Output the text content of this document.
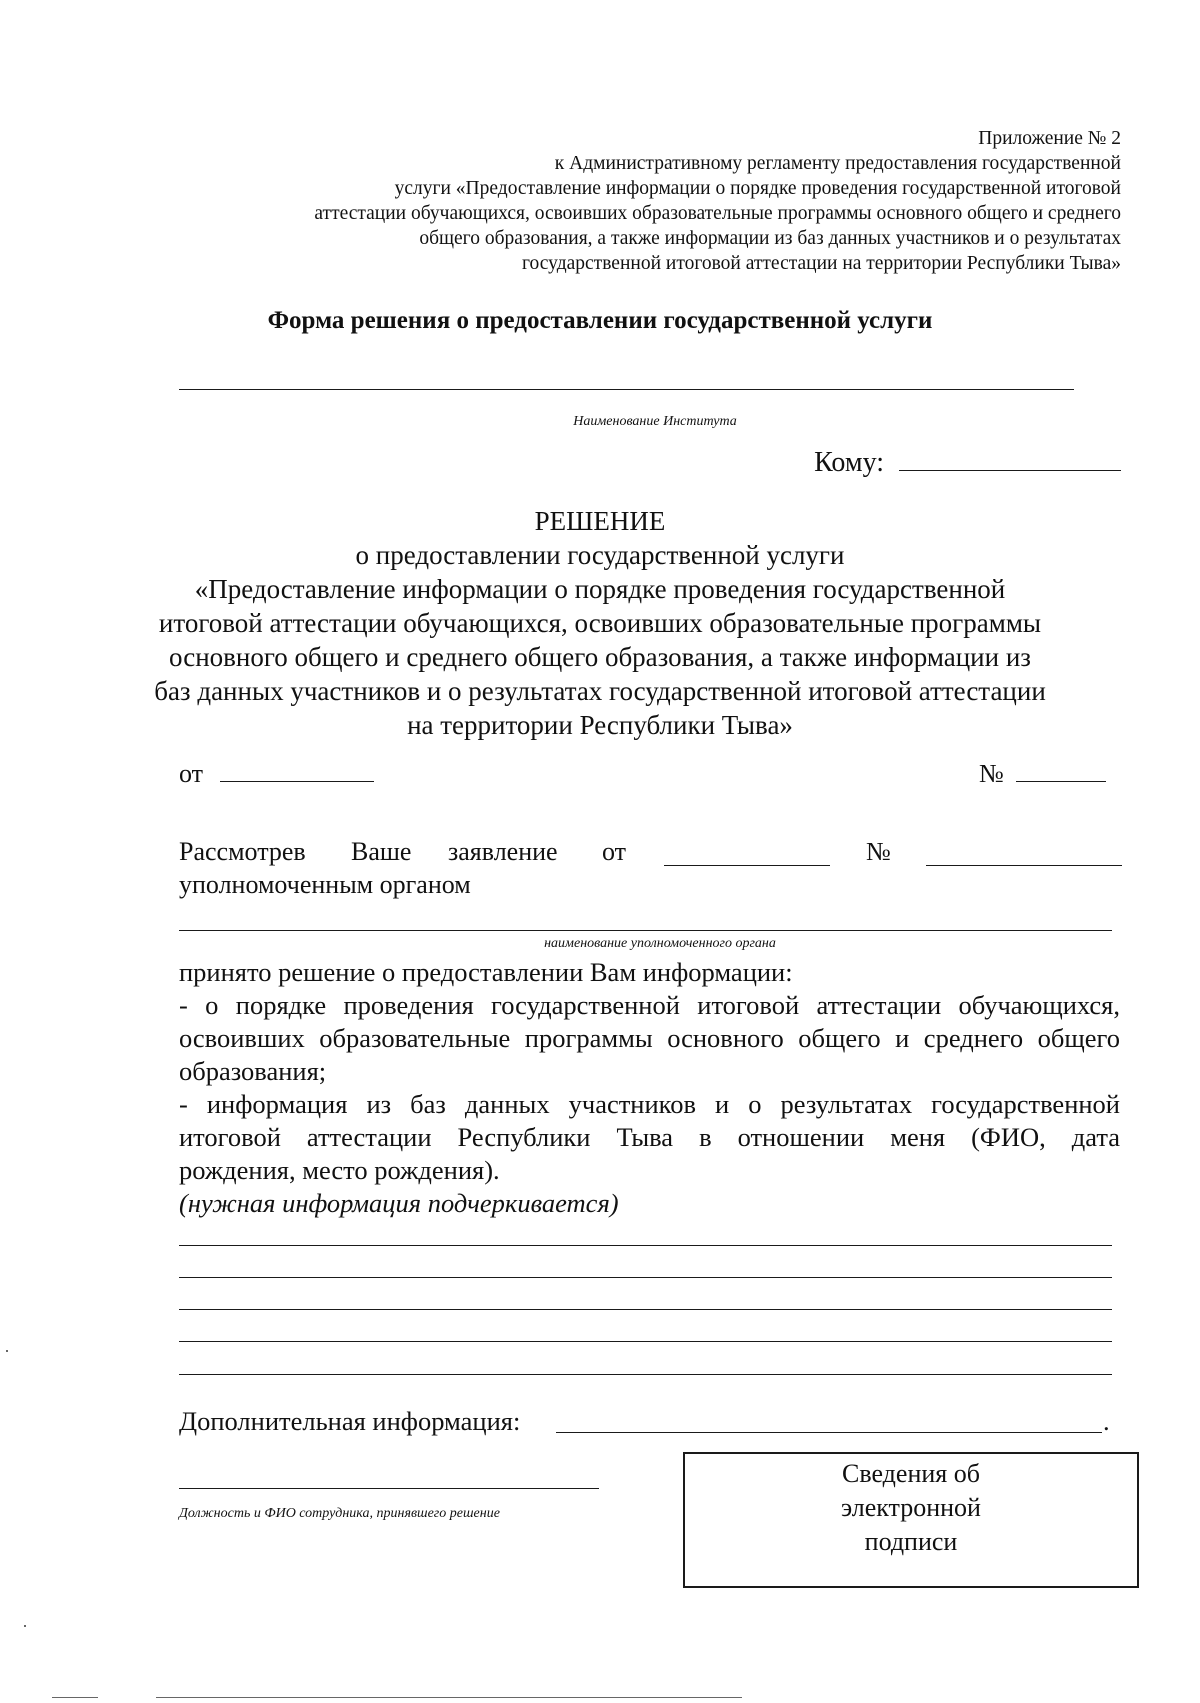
Приложение № 2
к Административному регламенту предоставления государственной
услуги «Предоставление информации о порядке проведения государственной итоговой
аттестации обучающихся, освоивших образовательные программы основного общего и среднего
общего образования, а также информации из баз данных участников и о результатах
государственной итоговой аттестации на территории Республики Тыва»
Форма решения о предоставлении государственной услуги
Наименование Института
Кому:
РЕШЕНИЕ
о предоставлении государственной услуги
«Предоставление информации о порядке проведения государственной
итоговой аттестации обучающихся, освоивших образовательные программы
основного общего и среднего общего образования, а также информации из
баз данных участников и о результатах государственной итоговой аттестации
на территории Республики Тыва»
от	№
Рассмотрев Ваше заявление от	№
уполномоченным органом
наименование уполномоченного органа
принято решение о предоставлении Вам информации:
- о порядке проведения государственной итоговой аттестации обучающихся,
освоивших образовательные программы основного общего и среднего общего
образования;
- информация из баз данных участников и о результатах государственной
итоговой аттестации Республики Тыва в отношении меня (ФИО, дата
рождения, место рождения).
(нужная информация подчеркивается)
Дополнительная информация:	.
Должность и ФИО сотрудника, принявшего решение
Сведения об
электронной
подписи
